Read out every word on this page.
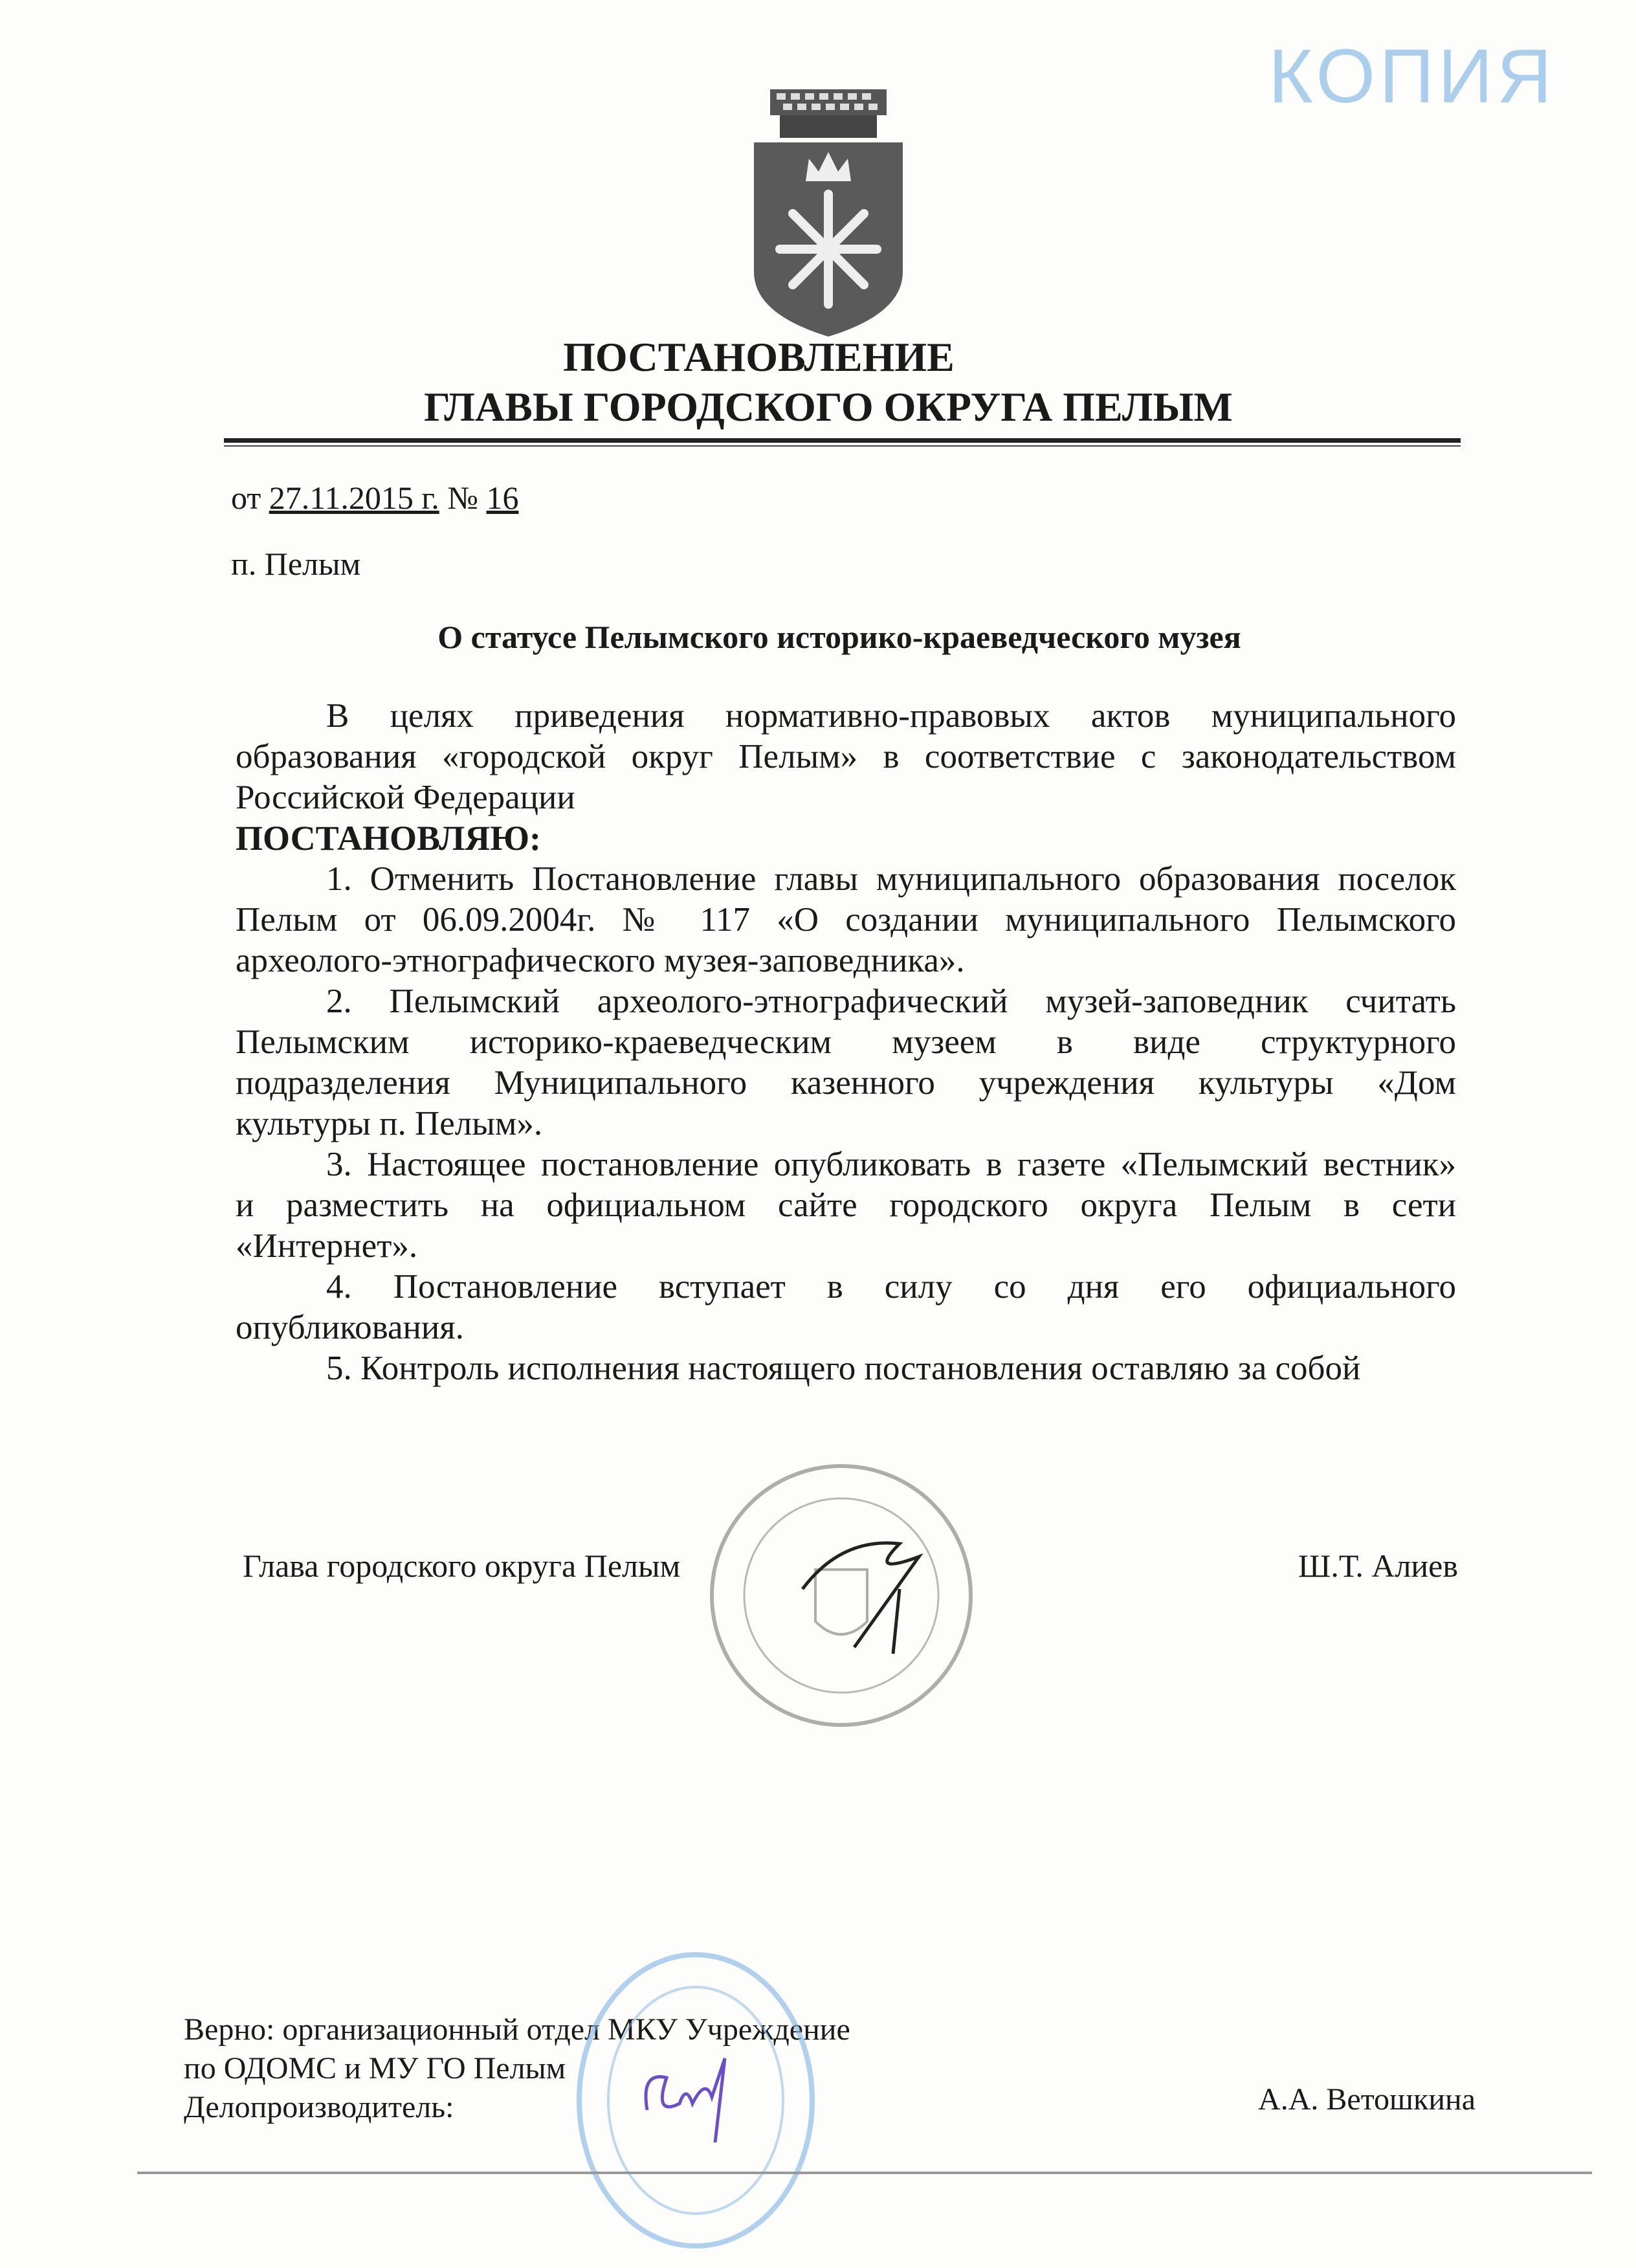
КОПИЯ
ПОСТАНОВЛЕНИЕ
ГЛАВЫ ГОРОДСКОГО ОКРУГА ПЕЛЫМ
от 27.11.2015 г. № 16
п. Пелым
О статусе Пелымского историко-краеведческого музея
В целях приведения нормативно-правовых актов муниципального
образования «городской округ Пелым» в соответствие с законодательством
Российской Федерации
ПОСТАНОВЛЯЮ:
1. Отменить Постановление главы муниципального образования поселок
Пелым от 06.09.2004г. № 117 «О создании муниципального Пелымского
археолого-этнографического музея-заповедника».
2. Пелымский археолого-этнографический музей-заповедник считать
Пелымским историко-краеведческим музеем в виде структурного
подразделения Муниципального казенного учреждения культуры «Дом
культуры п. Пелым».
3. Настоящее постановление опубликовать в газете «Пелымский вестник»
и разместить на официальном сайте городского округа Пелым в сети
«Интернет».
4. Постановление вступает в силу со дня его официального
опубликования.
5. Контроль исполнения настоящего постановления оставляю за собой
Глава городского округа Пелым	Ш.Т. Алиев
Верно: организационный отдел МКУ Учреждение
по ОДОМС и МУ ГО Пелым
Делопроизводитель:	А.А. Ветошкина
